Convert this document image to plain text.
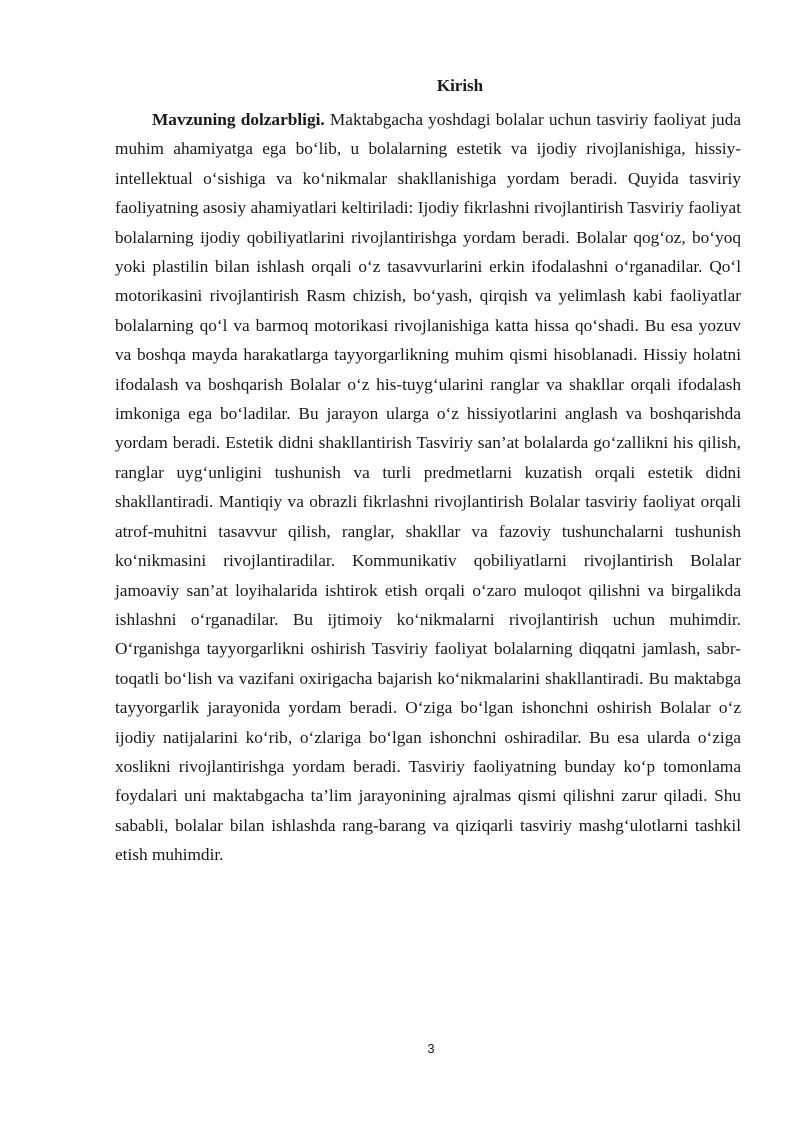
Kirish

Mavzuning dolzarbligi. Maktabgacha yoshdagi bolalar uchun tasviriy faoliyat juda muhim ahamiyatga ega bo‘lib, u bolalarning estetik va ijodiy rivojlanishiga, hissiy-intellektual o‘sishiga va ko‘nikmalar shakllanishiga yordam beradi. Quyida tasviriy faoliyatning asosiy ahamiyatlari keltiriladi: Ijodiy fikrlashni rivojlantirish Tasviriy faoliyat bolalarning ijodiy qobiliyatlarini rivojlantirishga yordam beradi. Bolalar qog‘oz, bo‘yoq yoki plastilin bilan ishlash orqali o‘z tasavvurlarini erkin ifodalashni o‘rganadilar. Qo‘l motorikasini rivojlantirish Rasm chizish, bo‘yash, qirqish va yelimlash kabi faoliyatlar bolalarning qo‘l va barmoq motorikasi rivojlanishiga katta hissa qo‘shadi. Bu esa yozuv va boshqa mayda harakatlarga tayyorgarlikning muhim qismi hisoblanadi. Hissiy holatni ifodalash va boshqarish Bolalar o‘z his-tuyg‘ularini ranglar va shakllar orqali ifodalash imkoniga ega bo‘ladilar. Bu jarayon ularga o‘z hissiyotlarini anglash va boshqarishda yordam beradi. Estetik didni shakllantirish Tasviriy san’at bolalarda go‘zallikni his qilish, ranglar uyg‘unligini tushunish va turli predmetlarni kuzatish orqali estetik didni shakllantiradi. Mantiqiy va obrazli fikrlashni rivojlantirish Bolalar tasviriy faoliyat orqali atrof-muhitni tasavvur qilish, ranglar, shakllar va fazoviy tushunchalarni tushunish ko‘nikmasini rivojlantiradilar. Kommunikativ qobiliyatlarni rivojlantirish Bolalar jamoaviy san’at loyihalarida ishtirok etish orqali o‘zaro muloqot qilishni va birgalikda ishlashni o‘rganadilar. Bu ijtimoiy ko‘nikmalarni rivojlantirish uchun muhimdir. O‘rganishga tayyorgarlikni oshirish Tasviriy faoliyat bolalarning diqqatni jamlash, sabr-toqatli bo‘lish va vazifani oxirigacha bajarish ko‘nikmalarini shakllantiradi. Bu maktabga tayyorgarlik jarayonida yordam beradi. O‘ziga bo‘lgan ishonchni oshirish Bolalar o‘z ijodiy natijalarini ko‘rib, o‘zlariga bo‘lgan ishonchni oshiradilar. Bu esa ularda o‘ziga xoslikni rivojlantirishga yordam beradi. Tasviriy faoliyatning bunday ko‘p tomonlama foydalari uni maktabgacha ta’lim jarayonining ajralmas qismi qilishni zarur qiladi. Shu sababli, bolalar bilan ishlashda rang-barang va qiziqarli tasviriy mashg‘ulotlarni tashkil etish muhimdir.

3
